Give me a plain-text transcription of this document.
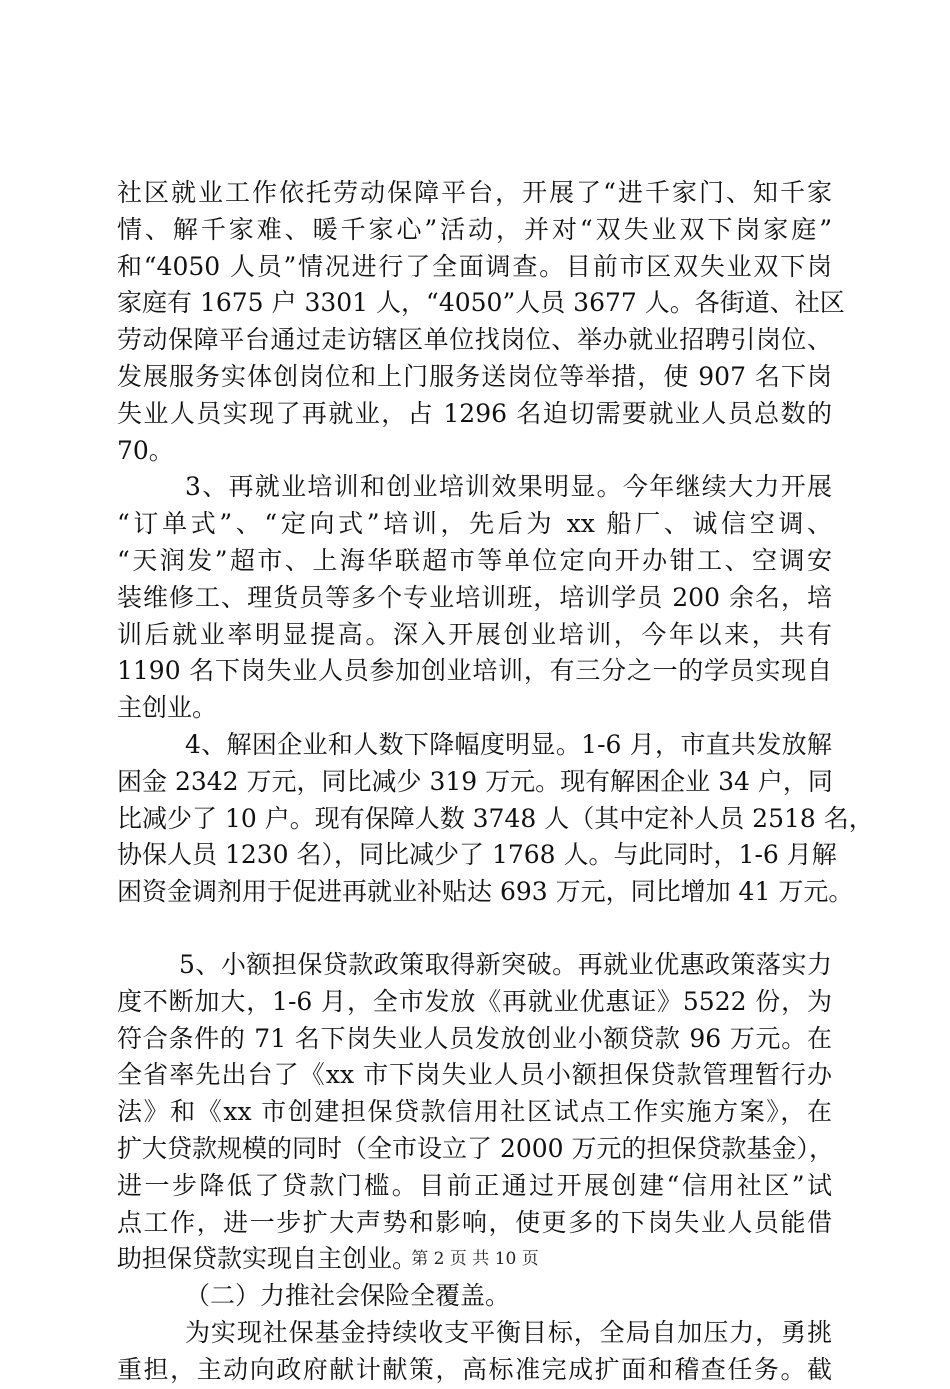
社区就业工作依托劳动保障平台，开展了“进千家门、知千家
情、解千家难、暖千家心”活动，并对“双失业双下岗家庭”
和“4050 人员”情况进行了全面调查。目前市区双失业双下岗
家庭有 1675 户 3301 人，“4050”人员 3677 人。各街道、社区
劳动保障平台通过走访辖区单位找岗位、举办就业招聘引岗位、
发展服务实体创岗位和上门服务送岗位等举措，使 907 名下岗
失业人员实现了再就业，占 1296 名迫切需要就业人员总数的
70。
3、再就业培训和创业培训效果明显。今年继续大力开展
“订单式”、“定向式”培训，先后为 xx 船厂、诚信空调、
“天润发”超市、上海华联超市等单位定向开办钳工、空调安
装维修工、理货员等多个专业培训班，培训学员 200 余名，培
训后就业率明显提高。深入开展创业培训，今年以来，共有
1190 名下岗失业人员参加创业培训，有三分之一的学员实现自
主创业。
4、解困企业和人数下降幅度明显。1-6 月，市直共发放解
困金 2342 万元，同比减少 319 万元。现有解困企业 34 户，同
比减少了 10 户。现有保障人数 3748 人（其中定补人员 2518 名，
协保人员 1230 名），同比减少了 1768 人。与此同时，1-6 月解
困资金调剂用于促进再就业补贴达 693 万元，同比增加 41 万元。
5、小额担保贷款政策取得新突破。再就业优惠政策落实力
度不断加大，1-6 月，全市发放《再就业优惠证》5522 份，为
符合条件的 71 名下岗失业人员发放创业小额贷款 96 万元。在
全省率先出台了《xx 市下岗失业人员小额担保贷款管理暂行办
法》和《xx 市创建担保贷款信用社区试点工作实施方案》，在
扩大贷款规模的同时（全市设立了 2000 万元的担保贷款基金），
进一步降低了贷款门槛。目前正通过开展创建“信用社区”试
点工作，进一步扩大声势和影响，使更多的下岗失业人员能借
助担保贷款实现自主创业。
（二）力推社会保险全覆盖。
为实现社保基金持续收支平衡目标，全局自加压力，勇挑
重担，主动向政府献计献策，高标准完成扩面和稽查任务。截
第 2 页 共 10 页
